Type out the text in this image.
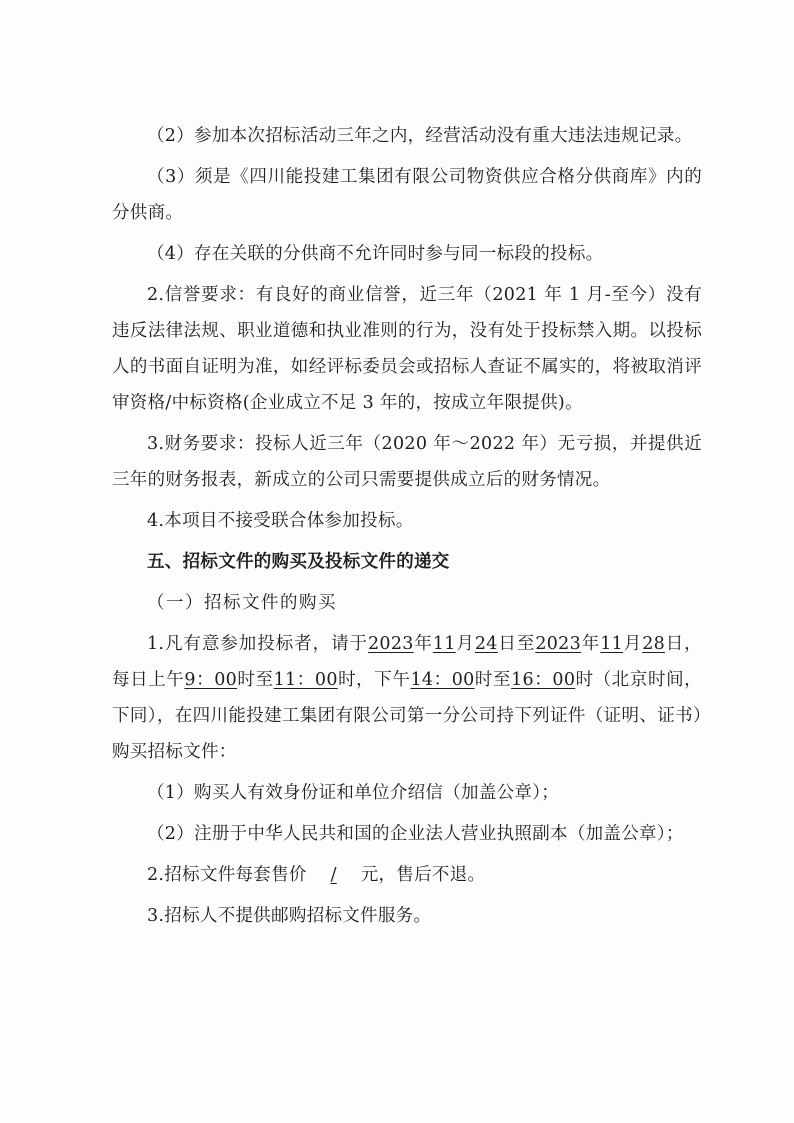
（2）参加本次招标活动三年之内，经营活动没有重大违法违规记录。

（3）须是《四川能投建工集团有限公司物资供应合格分供商库》内的分供商。

（4）存在关联的分供商不允许同时参与同一标段的投标。

2.信誉要求：有良好的商业信誉，近三年（2021 年 1 月-至今）没有违反法律法规、职业道德和执业准则的行为，没有处于投标禁入期。以投标人的书面自证明为准，如经评标委员会或招标人查证不属实的，将被取消评审资格/中标资格(企业成立不足 3 年的，按成立年限提供)。

3.财务要求：投标人近三年（2020 年～2022 年）无亏损，并提供近三年的财务报表，新成立的公司只需要提供成立后的财务情况。

4.本项目不接受联合体参加投标。

五、招标文件的购买及投标文件的递交

（一）招标文件的购买

1.凡有意参加投标者，请于2023年11月24日至2023年11月28日，每日上午9：00时至11：00时，下午14：00时至16：00时（北京时间，下同），在四川能投建工集团有限公司第一分公司持下列证件（证明、证书）购买招标文件：

（1）购买人有效身份证和单位介绍信（加盖公章）；

（2）注册于中华人民共和国的企业法人营业执照副本（加盖公章）；

2.招标文件每套售价 / 元，售后不退。

3.招标人不提供邮购招标文件服务。
